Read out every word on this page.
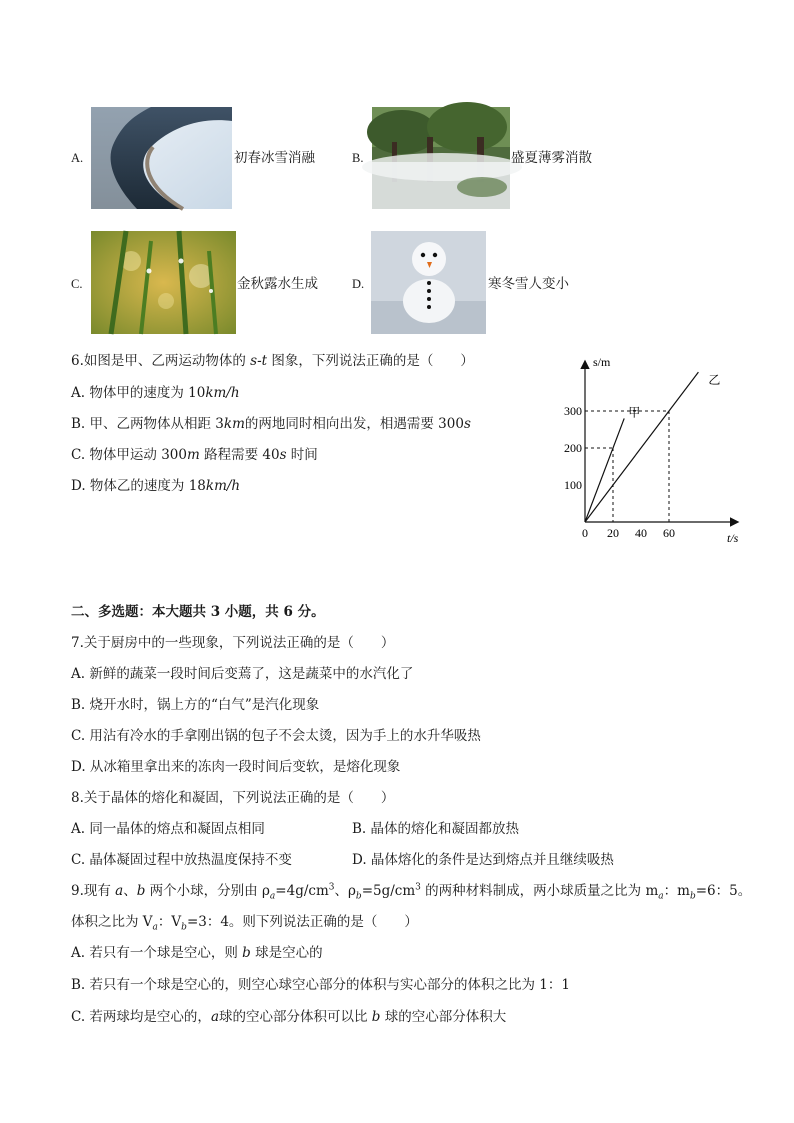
A.	初春冰雪消融	B.	盛夏薄雾消散
C.	金秋露水生成	D.	寒冬雪人变小
6.如图是甲、乙两运动物体的 s-t 图象，下列说法正确的是（　　）
A. 物体甲的速度为 10km/h
B. 甲、乙两物体从相距 3km的两地同时相向出发，相遇需要 300s
C. 物体甲运动 300m 路程需要 40s 时间
D. 物体乙的速度为 18km/h
甲
乙
0 20 40 60
100
200
300
s/m
t/s
二、多选题：本大题共 3 小题，共 6 分。
7.关于厨房中的一些现象，下列说法正确的是（　　）
A. 新鲜的蔬菜一段时间后变蔫了，这是蔬菜中的水汽化了
B. 烧开水时，锅上方的“白气”是汽化现象
C. 用沾有冷水的手拿刚出锅的包子不会太烫，因为手上的水升华吸热
D. 从冰箱里拿出来的冻肉一段时间后变软，是熔化现象
8.关于晶体的熔化和凝固，下列说法正确的是（　　）
A. 同一晶体的熔点和凝固点相同	B. 晶体的熔化和凝固都放热
C. 晶体凝固过程中放热温度保持不变	D. 晶体熔化的条件是达到熔点并且继续吸热
9.现有 a、b 两个小球，分别由 $\rho_a=4g/cm^3$、$\rho_b=5g/cm^3$ 的两种材料制成，两小球质量之比为 $m_a$：$m_b=6$：5。
体积之比为 $V_a$：$V_b=3$：4。则下列说法正确的是（　　）
A. 若只有一个球是空心，则 b 球是空心的
B. 若只有一个球是空心的，则空心球空心部分的体积与实心部分的体积之比为 1：1
C. 若两球均是空心的，a球的空心部分体积可以比 b 球的空心部分体积大
